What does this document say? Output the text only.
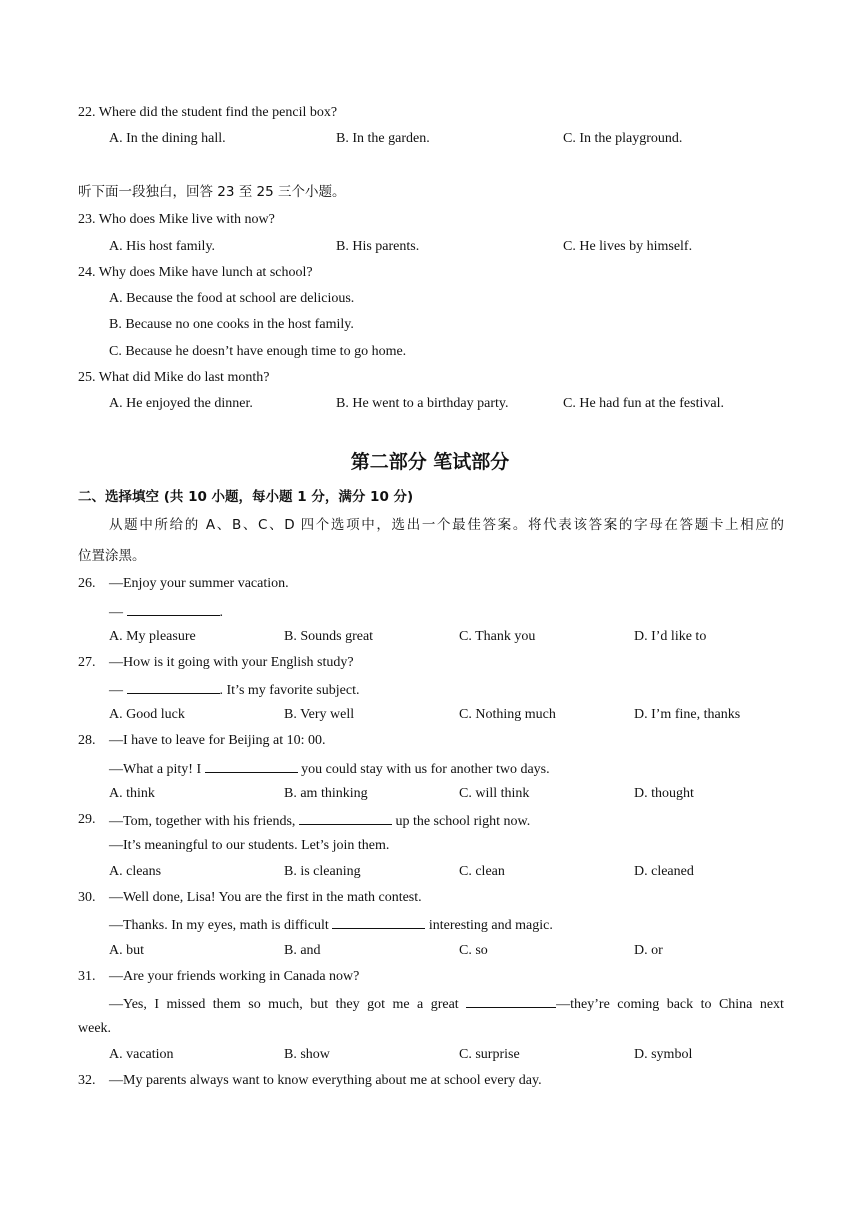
22. Where did the student find the pencil box?
A. In the dining hall.	B. In the garden.	C. In the playground.
听下面一段独白，回答 23 至 25 三个小题。
23. Who does Mike live with now?
A. His host family.	B. His parents.	C. He lives by himself.
24. Why does Mike have lunch at school?
A. Because the food at school are delicious.
B. Because no one cooks in the host family.
C. Because he doesn’t have enough time to go home.
25. What did Mike do last month?
A. He enjoyed the dinner.	B. He went to a birthday party.	C. He had fun at the festival.
第二部分 笔试部分
二、选择填空 (共 10 小题，每小题 1 分，满分 10 分)
从题中所给的 A、B、C、D 四个选项中，选出一个最佳答案。将代表该答案的字母在答题卡上相应的
位置涂黑。
26. —Enjoy your summer vacation.
—	.
A. My pleasure	B. Sounds great	C. Thank you	D. I’d like to
27. —How is it going with your English study?
—	. It’s my favorite subject.
A. Good luck	B. Very well	C. Nothing much	D. I’m fine, thanks
28. —I have to leave for Beijing at 10: 00.
—What a pity! I	you could stay with us for another two days.
A. think	B. am thinking	C. will think	D. thought
29. —Tom, together with his friends,	up the school right now.
—It’s meaningful to our students. Let’s join them.
A. cleans	B. is cleaning	C. clean	D. cleaned
30. —Well done, Lisa! You are the first in the math contest.
—Thanks. In my eyes, math is difficult	interesting and magic.
A. but	B. and	C. so	D. or
31. —Are your friends working in Canada now?
—Yes, I missed them so much, but they got me a great	—they’re coming back to China next
week.
A. vacation	B. show	C. surprise	D. symbol
32. —My parents always want to know everything about me at school every day.
